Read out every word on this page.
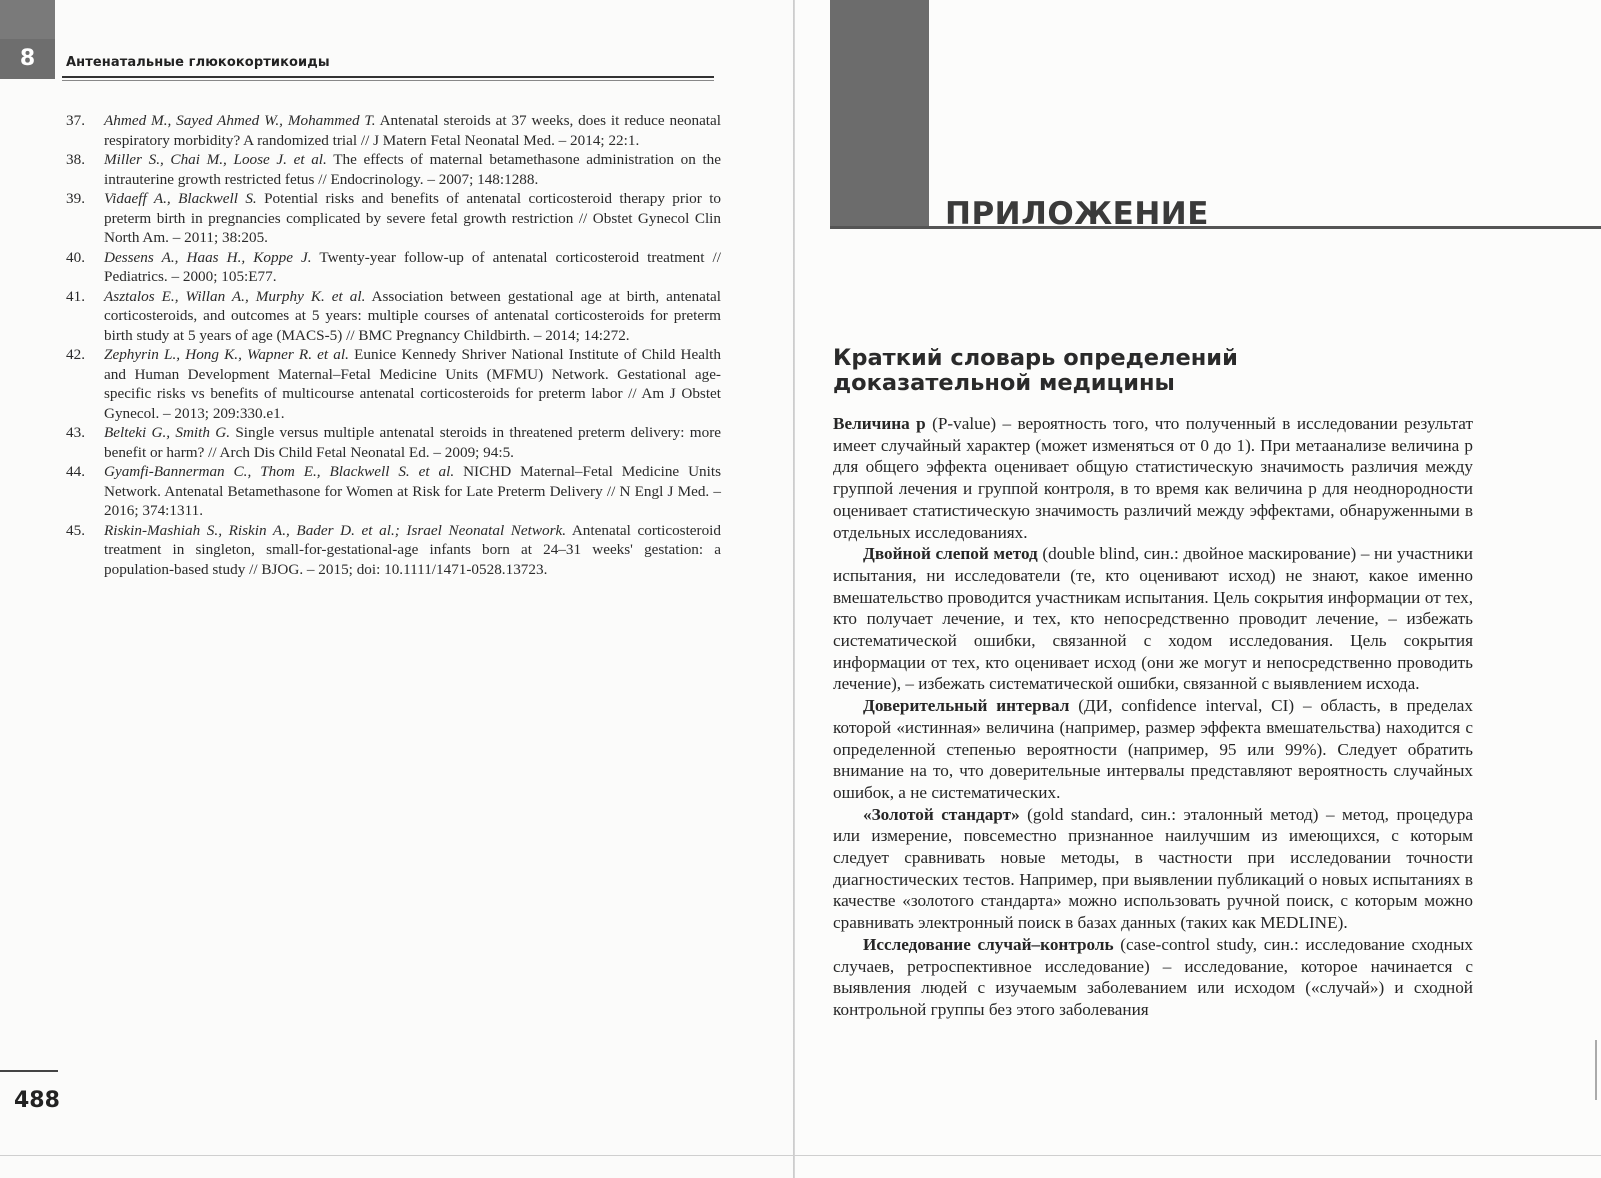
8	Антенатальные глюкокортикоиды
37.	Ahmed M., Sayed Ahmed W., Mohammed T. Antenatal steroids at 37 weeks, does it reduce neonatal respiratory morbidity? A randomized trial // J Matern Fetal Neonatal Med. – 2014; 22:1.
38.	Miller S., Chai M., Loose J. et al. The effects of maternal betamethasone administration on the intrauterine growth restricted fetus // Endocrinology. – 2007; 148:1288.
39.	Vidaeff A., Blackwell S. Potential risks and benefits of antenatal corticosteroid therapy prior to preterm birth in pregnancies complicated by severe fetal growth restriction // Obstet Gynecol Clin North Am. – 2011; 38:205.
40.	Dessens A., Haas H., Koppe J. Twenty-year follow-up of antenatal corticosteroid treatment // Pediatrics. – 2000; 105:E77.
41.	Asztalos E., Willan A., Murphy K. et al. Association between gestational age at birth, antenatal corticosteroids, and outcomes at 5 years: multiple courses of antenatal corticosteroids for preterm birth study at 5 years of age (MACS-5) // BMC Pregnancy Childbirth. – 2014; 14:272.
42.	Zephyrin L., Hong K., Wapner R. et al. Eunice Kennedy Shriver National Institute of Child Health and Human Development Maternal–Fetal Medicine Units (MFMU) Network. Gestational age-specific risks vs benefits of multicourse antenatal corticosteroids for preterm labor // Am J Obstet Gynecol. – 2013; 209:330.e1.
43.	Belteki G., Smith G. Single versus multiple antenatal steroids in threatened preterm delivery: more benefit or harm? // Arch Dis Child Fetal Neonatal Ed. – 2009; 94:5.
44.	Gyamfi-Bannerman C., Thom E., Blackwell S. et al. NICHD Maternal–Fetal Medicine Units Network. Antenatal Betamethasone for Women at Risk for Late Preterm Delivery // N Engl J Med. – 2016; 374:1311.
45.	Riskin-Mashiah S., Riskin A., Bader D. et al.; Israel Neonatal Network. Antenatal corticosteroid treatment in singleton, small-for-gestational-age infants born at 24–31 weeks' gestation: a population-based study // BJOG. – 2015; doi: 10.1111/1471-0528.13723.
488
ПРИЛОЖЕНИЕ
Краткий словарь определений доказательной медицины

Величина p (P-value) – вероятность того, что полученный в исследовании результат имеет случайный характер (может изменяться от 0 до 1). При метаанализе величина p для общего эффекта оценивает общую статистическую значимость различия между группой лечения и группой контроля, в то время как величина p для неоднородности оценивает статистическую значимость различий между эффектами, обнаруженными в отдельных исследованиях.

Двойной слепой метод (double blind, син.: двойное маскирование) – ни участники испытания, ни исследователи (те, кто оценивают исход) не знают, какое именно вмешательство проводится участникам испытания. Цель сокрытия информации от тех, кто получает лечение, и тех, кто непосредственно проводит лечение, – избежать систематической ошибки, связанной с ходом исследования. Цель сокрытия информации от тех, кто оценивает исход (они же могут и непосредственно проводить лечение), – избежать систематической ошибки, связанной с выявлением исхода.

Доверительный интервал (ДИ, confidence interval, CI) – область, в пределах которой «истинная» величина (например, размер эффекта вмешательства) находится с определенной степенью вероятности (например, 95 или 99%). Следует обратить внимание на то, что доверительные интервалы представляют вероятность случайных ошибок, а не систематических.

«Золотой стандарт» (gold standard, син.: эталонный метод) – метод, процедура или измерение, повсеместно признанное наилучшим из имеющихся, с которым следует сравнивать новые методы, в частности при исследовании точности диагностических тестов. Например, при выявлении публикаций о новых испытаниях в качестве «золотого стандарта» можно использовать ручной поиск, с которым можно сравнивать электронный поиск в базах данных (таких как MEDLINE).

Исследование случай–контроль (case-control study, син.: исследование сходных случаев, ретроспективное исследование) – исследование, которое начинается с выявления людей с изучаемым заболеванием или исходом («случай») и сходной контрольной группы без этого заболевания
